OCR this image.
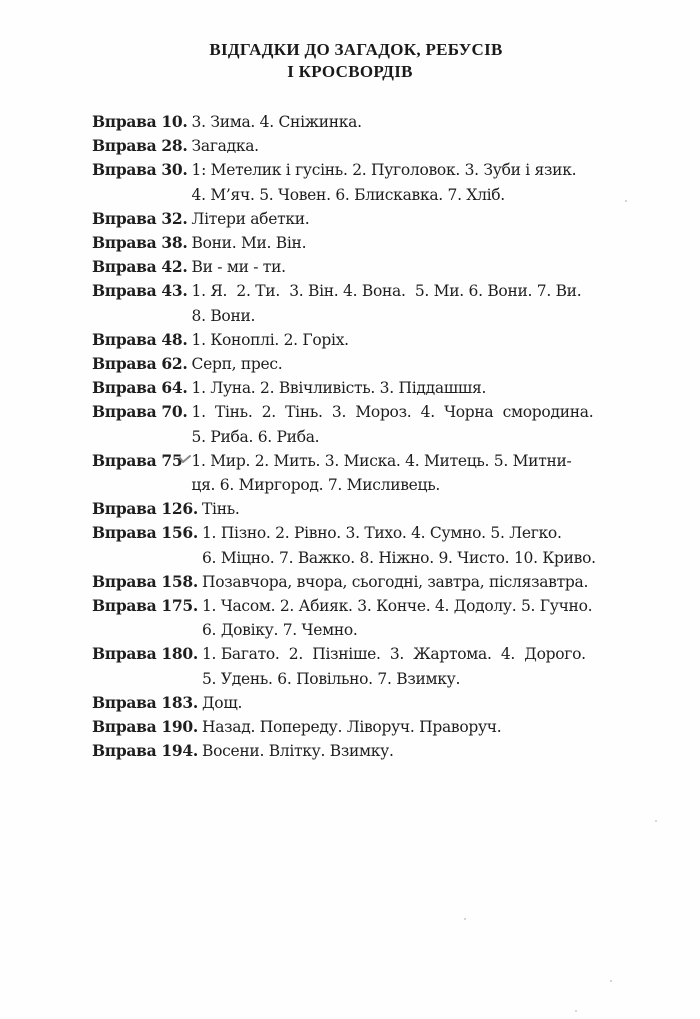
ВІДГАДКИ ДО ЗАГАДОК, РЕБУСІВ
І КРОСВОРДІВ
Вправа 10.
3. Зима. 4. Сніжинка.
Вправа 28.
Загадка.
Вправа 30.
1: Метелик і гусінь. 2. Пуголовок. 3. Зуби і язик.
4. М’яч. 5. Човен. 6. Блискавка. 7. Хліб.
Вправа 32.
Літери абетки.
Вправа 38.
Вони. Ми. Він.
Вправа 42.
Ви - ми - ти.
Вправа 43.
1. Я.  2. Ти.  3. Він. 4. Вона.  5. Ми. 6. Вони. 7. Ви.
8. Вони.
Вправа 48.
1. Коноплі. 2. Горіх.
Вправа 62.
Серп, прес.
Вправа 64.
1. Луна. 2. Ввічливість. 3. Піддашшя.
Вправа 70.
1.  Тінь.  2.  Тінь.  3.  Мороз.  4.  Чорна  смородина.
5. Риба. 6. Риба.
Вправа 75
1. Мир. 2. Мить. 3. Миска. 4. Митець. 5. Митни-
ця. 6. Миргород. 7. Мисливець.
Вправа 126.
Тінь.
Вправа 156.
1. Пізно. 2. Рівно. 3. Тихо. 4. Сумно. 5. Легко.
6. Міцно. 7. Важко. 8. Ніжно. 9. Чисто. 10. Криво.
Вправа 158.
Позавчора, вчора, сьогодні, завтра, післязавтра.
Вправа 175.
1. Часом. 2. Абияк. 3. Конче. 4. Додолу. 5. Гучно.
6. Довіку. 7. Чемно.
Вправа 180.
1. Багато.  2.  Пізніше.  3.  Жартома.  4.  Дорого.
5. Удень. 6. Повільно. 7. Взимку.
Вправа 183.
Дощ.
Вправа 190.
Назад. Попереду. Ліворуч. Праворуч.
Вправа 194.
Восени. Влітку. Взимку.
